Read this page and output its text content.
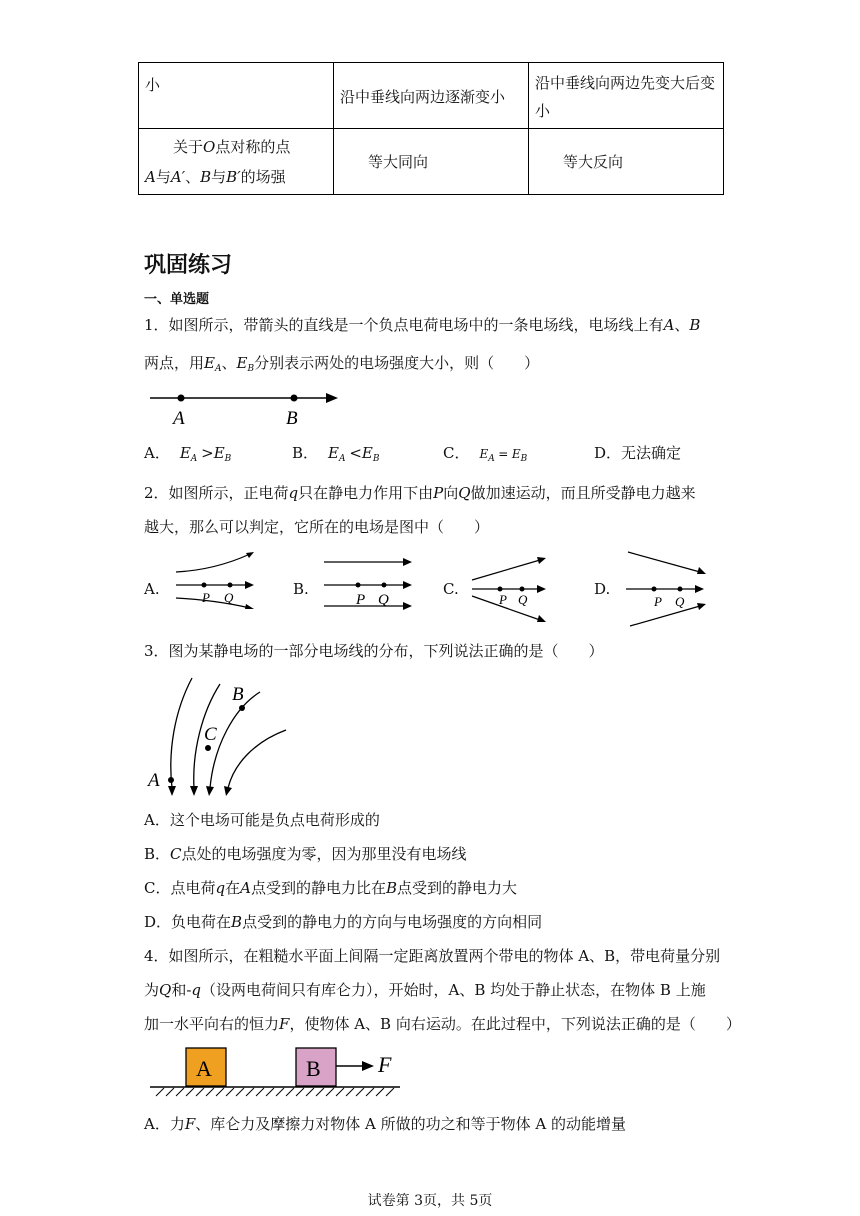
小	沿中垂线向两边逐渐变小	沿中垂线向两边先变大后变小
关于O点对称的点
A与A′、B与B′的场强	等大同向	等大反向
巩固练习
一、单选题
1．如图所示，带箭头的直线是一个负点电荷电场中的一条电场线，电场线上有A、B
两点，用$E_A$、$E_B$分别表示两处的电场强度大小，则（　　）
A	B
A． $E_A >E_B$	B． $E_A <E_B$	C． $E_A = E_B$	D．无法确定
2．如图所示，正电荷q只在静电力作用下由P向Q做加速运动，而且所受静电力越来
越大，那么可以判定，它所在的电场是图中（　　）
A.	P Q	B.
P Q
C.
P Q
D.
P Q
3．图为某静电场的一部分电场线的分布，下列说法正确的是（　　）
A
C
B
A．这个电场可能是负点电荷形成的
B．C点处的电场强度为零，因为那里没有电场线
C．点电荷q在A点受到的静电力比在B点受到的静电力大
D．负电荷在B点受到的静电力的方向与电场强度的方向相同
4．如图所示，在粗糙水平面上间隔一定距离放置两个带电的物体 A、B，带电荷量分别
为Q和-q（设两电荷间只有库仑力），开始时，A、B 均处于静止状态，在物体 B 上施
加一水平向右的恒力F，使物体 A、B 向右运动。在此过程中，下列说法正确的是（　　）
A	B	F
A．力F、库仑力及摩擦力对物体 A 所做的功之和等于物体 A 的动能增量
试卷第 3页，共 5页
